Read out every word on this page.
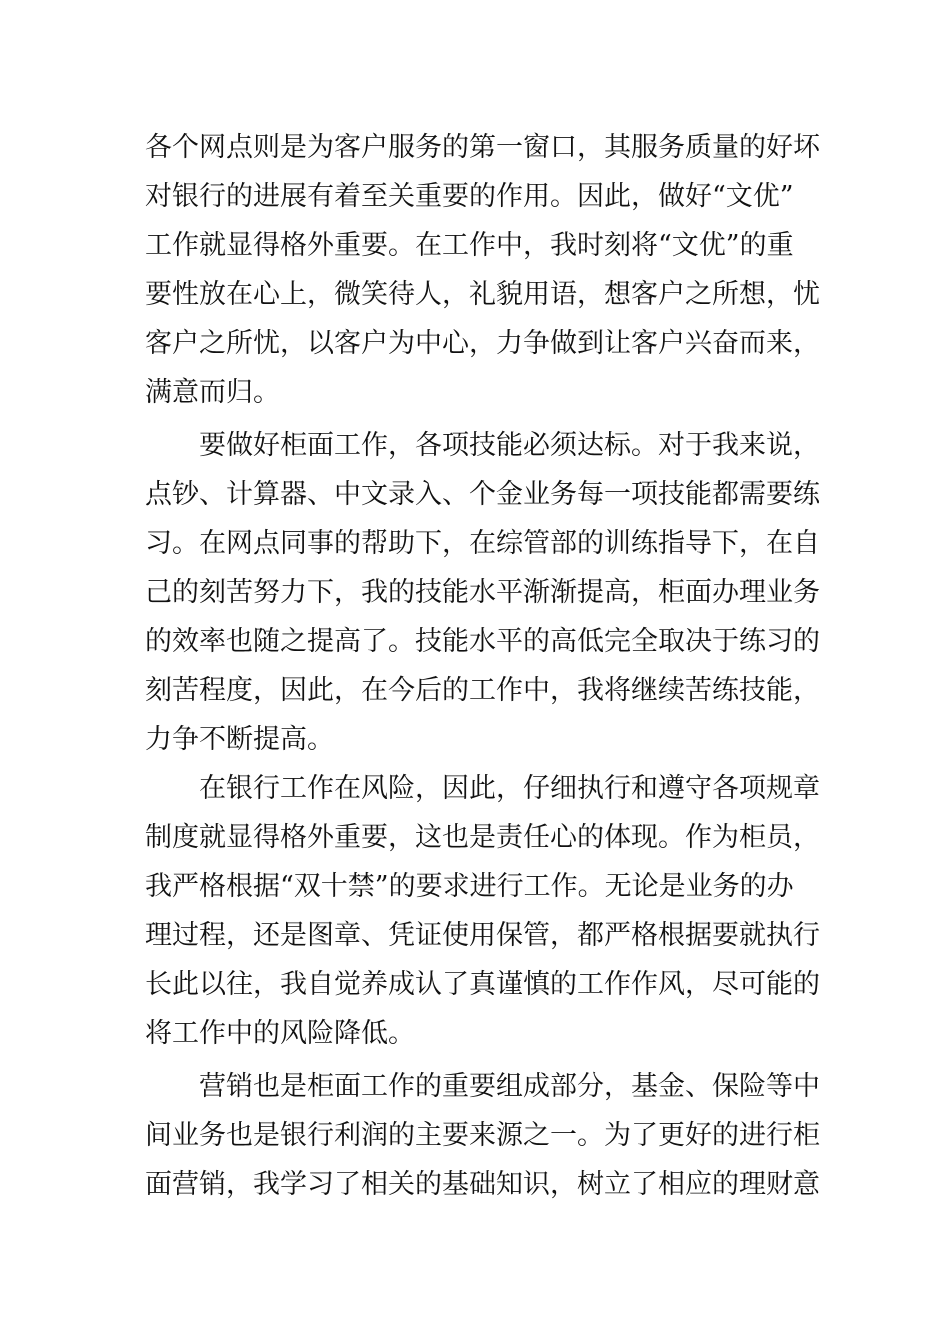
各个网点则是为客户服务的第一窗口，其服务质量的好坏
对银行的进展有着至关重要的作用。因此，做好“文优”
工作就显得格外重要。在工作中，我时刻将“文优”的重
要性放在心上，微笑待人，礼貌用语，想客户之所想，忧
客户之所忧，以客户为中心，力争做到让客户兴奋而来，
满意而归。
要做好柜面工作，各项技能必须达标。对于我来说，
点钞、计算器、中文录入、个金业务每一项技能都需要练
习。在网点同事的帮助下，在综管部的训练指导下，在自
己的刻苦努力下，我的技能水平渐渐提高，柜面办理业务
的效率也随之提高了。技能水平的高低完全取决于练习的
刻苦程度，因此，在今后的工作中，我将继续苦练技能，
力争不断提高。
在银行工作在风险，因此，仔细执行和遵守各项规章
制度就显得格外重要，这也是责任心的体现。作为柜员，
我严格根据“双十禁”的要求进行工作。无论是业务的办
理过程，还是图章、凭证使用保管，都严格根据要就执行
长此以往，我自觉养成认了真谨慎的工作作风，尽可能的
将工作中的风险降低。
营销也是柜面工作的重要组成部分，基金、保险等中
间业务也是银行利润的主要来源之一。为了更好的进行柜
面营销，我学习了相关的基础知识，树立了相应的理财意
